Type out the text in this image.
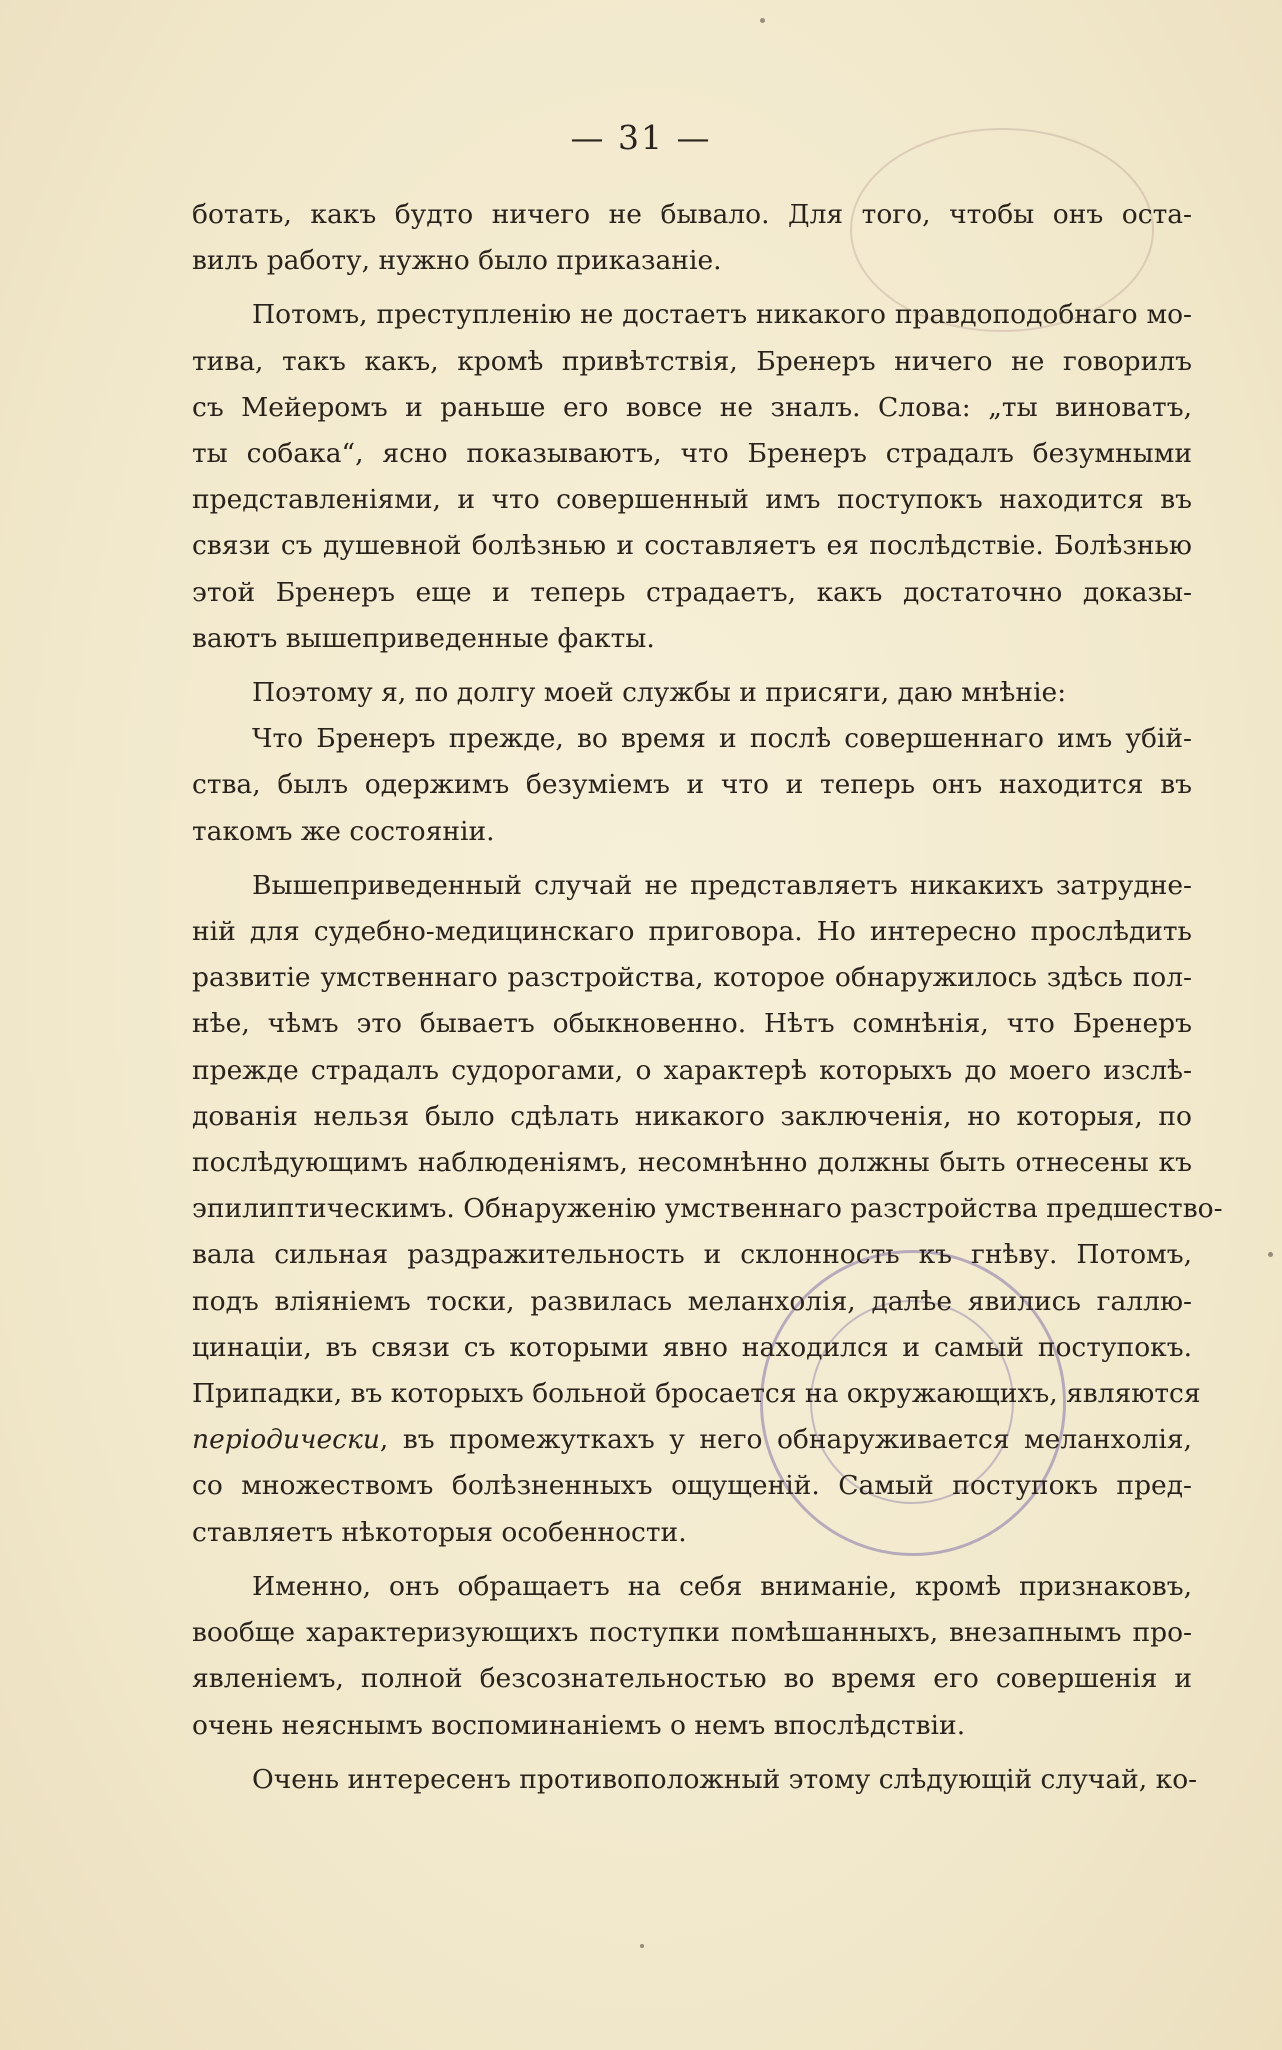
— 31 —

ботать, какъ будто ничего не бывало. Для того, чтобы онъ оста-
вилъ работу, нужно было приказаніе.

Потомъ, преступленію не достаетъ никакого правдоподобнаго мо-
тива, такъ какъ, кромѣ привѣтствія, Бренеръ ничего не говорилъ
съ Мейеромъ и раньше его вовсе не зналъ. Слова: „ты виноватъ,
ты собака“, ясно показываютъ, что Бренеръ страдалъ безумными
представленіями, и что совершенный имъ поступокъ находится въ
связи съ душевной болѣзнью и составляетъ ея послѣдствіе. Болѣзнью
этой Бренеръ еще и теперь страдаетъ, какъ достаточно доказы-
ваютъ вышеприведенные факты.

Поэтому я, по долгу моей службы и присяги, даю мнѣніе:

Что Бренеръ прежде, во время и послѣ совершеннаго имъ убій-
ства, былъ одержимъ безуміемъ и что и теперь онъ находится въ
такомъ же состояніи.

Вышеприведенный случай не представляетъ никакихъ затрудне-
ній для судебно-медицинскаго приговора. Но интересно прослѣдить
развитіе умственнаго разстройства, которое обнаружилось здѣсь пол-
нѣе, чѣмъ это бываетъ обыкновенно. Нѣтъ сомнѣнія, что Бренеръ
прежде страдалъ судорогами, о характерѣ которыхъ до моего изслѣ-
дованія нельзя было сдѣлать никакого заключенія, но которыя, по
послѣдующимъ наблюденіямъ, несомнѣнно должны быть отнесены къ
эпилиптическимъ. Обнаруженію умственнаго разстройства предшество-
вала сильная раздражительность и склонность къ гнѣву. Потомъ,
подъ вліяніемъ тоски, развилась меланхолія, далѣе явились галлю-
цинаціи, въ связи съ которыми явно находился и самый поступокъ.
Припадки, въ которыхъ больной бросается на окружающихъ, являются
періодически, въ промежуткахъ у него обнаруживается меланхолія,
со множествомъ болѣзненныхъ ощущеній. Самый поступокъ пред-
ставляетъ нѣкоторыя особенности.

Именно, онъ обращаетъ на себя вниманіе, кромѣ признаковъ,
вообще характеризующихъ поступки помѣшанныхъ, внезапнымъ про-
явленіемъ, полной безсознательностью во время его совершенія и
очень неяснымъ воспоминаніемъ о немъ впослѣдствіи.

Очень интересенъ противоположный этому слѣдующій случай, ко-
